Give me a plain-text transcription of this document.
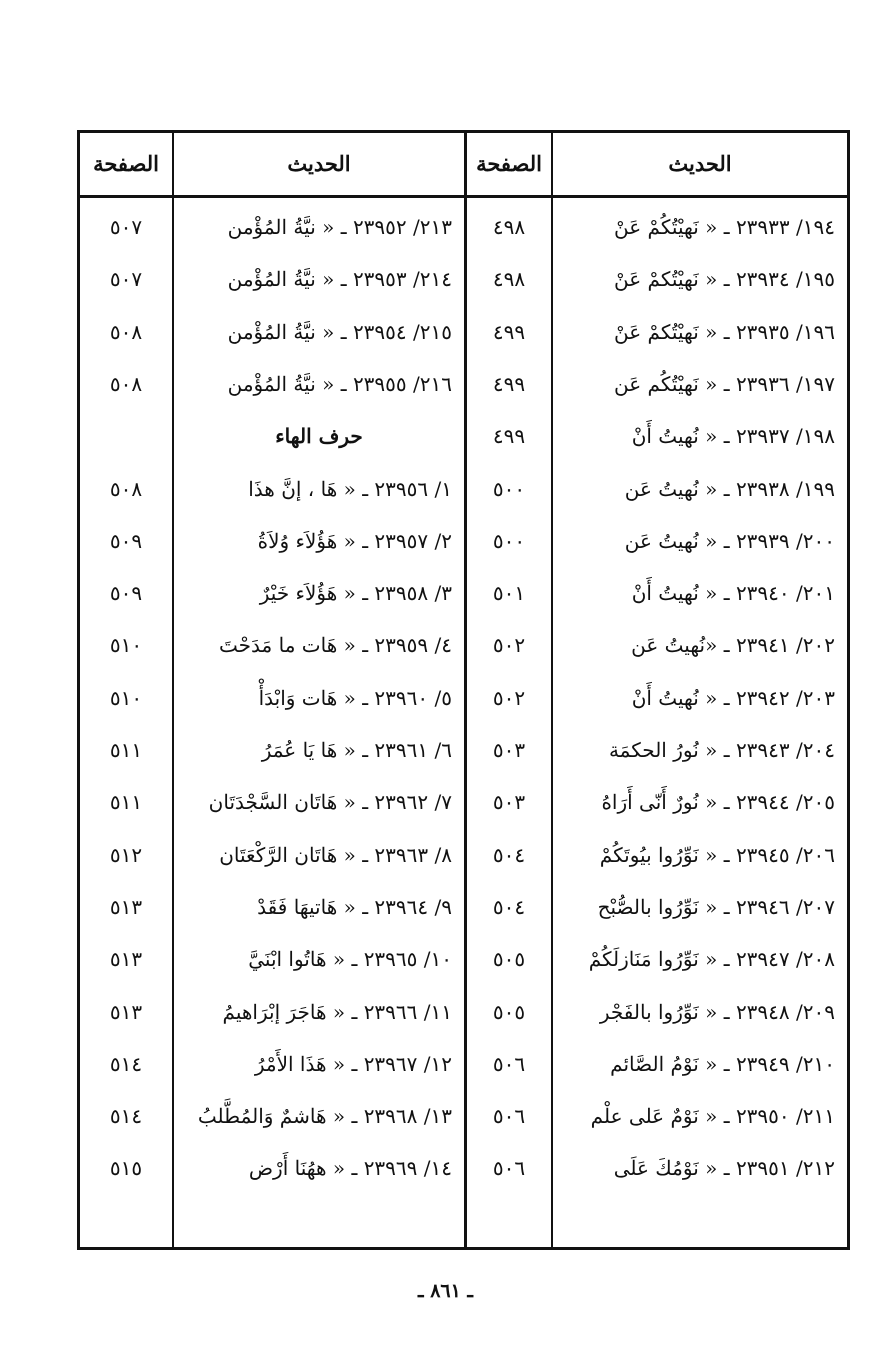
الحديث
الصفحة
الحديث
الصفحة
١٩٤/ ٢٣٩٣٣ ـ « نَهيْتُكُمْ عَنْ
٤٩٨
٢١٣/ ٢٣٩٥٢ ـ « نيَّةُ المُؤْمن
٥٠٧
١٩٥/ ٢٣٩٣٤ ـ « نَهيْتُكمْ عَنْ
٤٩٨
٢١٤/ ٢٣٩٥٣ ـ « نيَّةُ المُؤْمن
٥٠٧
١٩٦/ ٢٣٩٣٥ ـ « نَهيْتُكمْ عَنْ
٤٩٩
٢١٥/ ٢٣٩٥٤ ـ « نيَّةُ المُؤْمن
٥٠٨
١٩٧/ ٢٣٩٣٦ ـ « نَهيْتُكُم عَن
٤٩٩
٢١٦/ ٢٣٩٥٥ ـ « نيَّةُ المُؤْمن
٥٠٨
١٩٨/ ٢٣٩٣٧ ـ « نُهيتُ أَنْ
٤٩٩
حرف الهاء
١٩٩/ ٢٣٩٣٨ ـ « نُهيتُ عَن
٥٠٠
١/ ٢٣٩٥٦ ـ « هَا ، إنَّ هذَا
٥٠٨
٢٠٠/ ٢٣٩٣٩ ـ « نُهيتُ عَن
٥٠٠
٢/ ٢٣٩٥٧ ـ « هَؤُلاَء وُلاَةُ
٥٠٩
٢٠١/ ٢٣٩٤٠ ـ « نُهيتُ أَنْ
٥٠١
٣/ ٢٣٩٥٨ ـ « هَؤُلاَء خَيْرٌ
٥٠٩
٢٠٢/ ٢٣٩٤١ ـ «نُهيتُ عَن
٥٠٢
٤/ ٢٣٩٥٩ ـ « هَات ما مَدَحْتَ
٥١٠
٢٠٣/ ٢٣٩٤٢ ـ « نُهيتُ أَنْ
٥٠٢
٥/ ٢٣٩٦٠ ـ « هَات وَابْدَأْ
٥١٠
٢٠٤/ ٢٣٩٤٣ ـ « نُورُ الحكمَة
٥٠٣
٦/ ٢٣٩٦١ ـ « هَا يَا عُمَرُ
٥١١
٢٠٥/ ٢٣٩٤٤ ـ « نُورٌ أَنّى أَرَاهُ
٥٠٣
٧/ ٢٣٩٦٢ ـ « هَاتَان السَّجْدَتَان
٥١١
٢٠٦/ ٢٣٩٤٥ ـ « نَوِّرُوا بيُوتَكُمْ
٥٠٤
٨/ ٢٣٩٦٣ ـ « هَاتَان الرَّكْعَتَان
٥١٢
٢٠٧/ ٢٣٩٤٦ ـ « نَوِّرُوا بالصُّبْح
٥٠٤
٩/ ٢٣٩٦٤ ـ « هَاتيهَا فَقَدْ
٥١٣
٢٠٨/ ٢٣٩٤٧ ـ « نَوِّرُوا مَنَازلَكُمْ
٥٠٥
١٠/ ٢٣٩٦٥ ـ « هَاتُوا ابْنَيَّ
٥١٣
٢٠٩/ ٢٣٩٤٨ ـ « نَوِّرُوا بالفَجْر
٥٠٥
١١/ ٢٣٩٦٦ ـ « هَاجَرَ إبْرَاهيمُ
٥١٣
٢١٠/ ٢٣٩٤٩ ـ « نَوْمُ الصَّائم
٥٠٦
١٢/ ٢٣٩٦٧ ـ « هَذَا الأَمْرُ
٥١٤
٢١١/ ٢٣٩٥٠ ـ « نَوْمٌ عَلى علْم
٥٠٦
١٣/ ٢٣٩٦٨ ـ « هَاشمٌ وَالمُطَّلبُ
٥١٤
٢١٢/ ٢٣٩٥١ ـ « نَوْمُكَ عَلَى
٥٠٦
١٤/ ٢٣٩٦٩ ـ « ههُنَا أَرْض
٥١٥
ـ ٨٦١ ـ
